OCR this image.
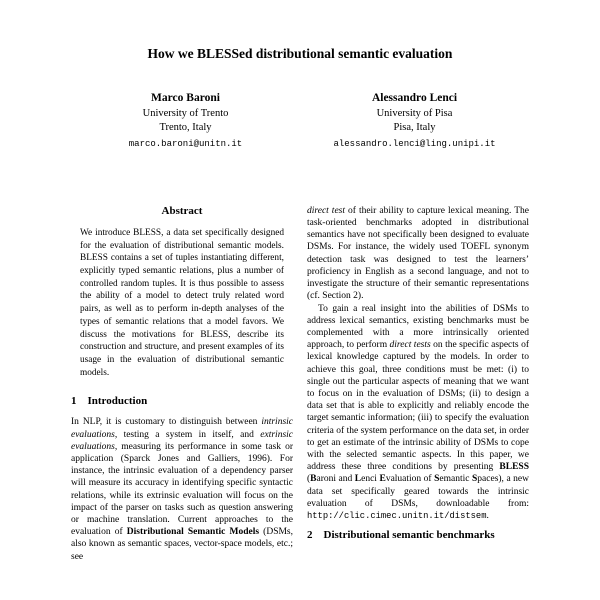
How we BLESSed distributional semantic evaluation
Marco Baroni
University of Trento
Trento, Italy
marco.baroni@unitn.it
Alessandro Lenci
University of Pisa
Pisa, Italy
alessandro.lenci@ling.unipi.it
Abstract

We introduce BLESS, a data set specifically designed for the evaluation of distributional semantic models. BLESS contains a set of tuples instantiating different, explicitly typed semantic relations, plus a number of controlled random tuples. It is thus possible to assess the ability of a model to detect truly related word pairs, as well as to perform in-depth analyses of the types of semantic relations that a model favors. We discuss the motivations for BLESS, describe its construction and structure, and present examples of its usage in the evaluation of distributional semantic models.

1 Introduction

In NLP, it is customary to distinguish between intrinsic evaluations, testing a system in itself, and extrinsic evaluations, measuring its performance in some task or application (Sparck Jones and Galliers, 1996). For instance, the intrinsic evaluation of a dependency parser will measure its accuracy in identifying specific syntactic relations, while its extrinsic evaluation will focus on the impact of the parser on tasks such as question answering or machine translation. Current approaches to the evaluation of Distributional Semantic Models (DSMs, also known as semantic spaces, vector-space models, etc.; see

direct test of their ability to capture lexical meaning. The task-oriented benchmarks adopted in distributional semantics have not specifically been designed to evaluate DSMs. For instance, the widely used TOEFL synonym detection task was designed to test the learners’ proficiency in English as a second language, and not to investigate the structure of their semantic representations (cf. Section 2).

To gain a real insight into the abilities of DSMs to address lexical semantics, existing benchmarks must be complemented with a more intrinsically oriented approach, to perform direct tests on the specific aspects of lexical knowledge captured by the models. In order to achieve this goal, three conditions must be met: (i) to single out the particular aspects of meaning that we want to focus on in the evaluation of DSMs; (ii) to design a data set that is able to explicitly and reliably encode the target semantic information; (iii) to specify the evaluation criteria of the system performance on the data set, in order to get an estimate of the intrinsic ability of DSMs to cope with the selected semantic aspects. In this paper, we address these three conditions by presenting BLESS (Baroni and Lenci Evaluation of Semantic Spaces), a new data set specifically geared towards the intrinsic evaluation of DSMs, downloadable from: http://clic.cimec.unitn.it/distsem.

2 Distributional semantic benchmarks
